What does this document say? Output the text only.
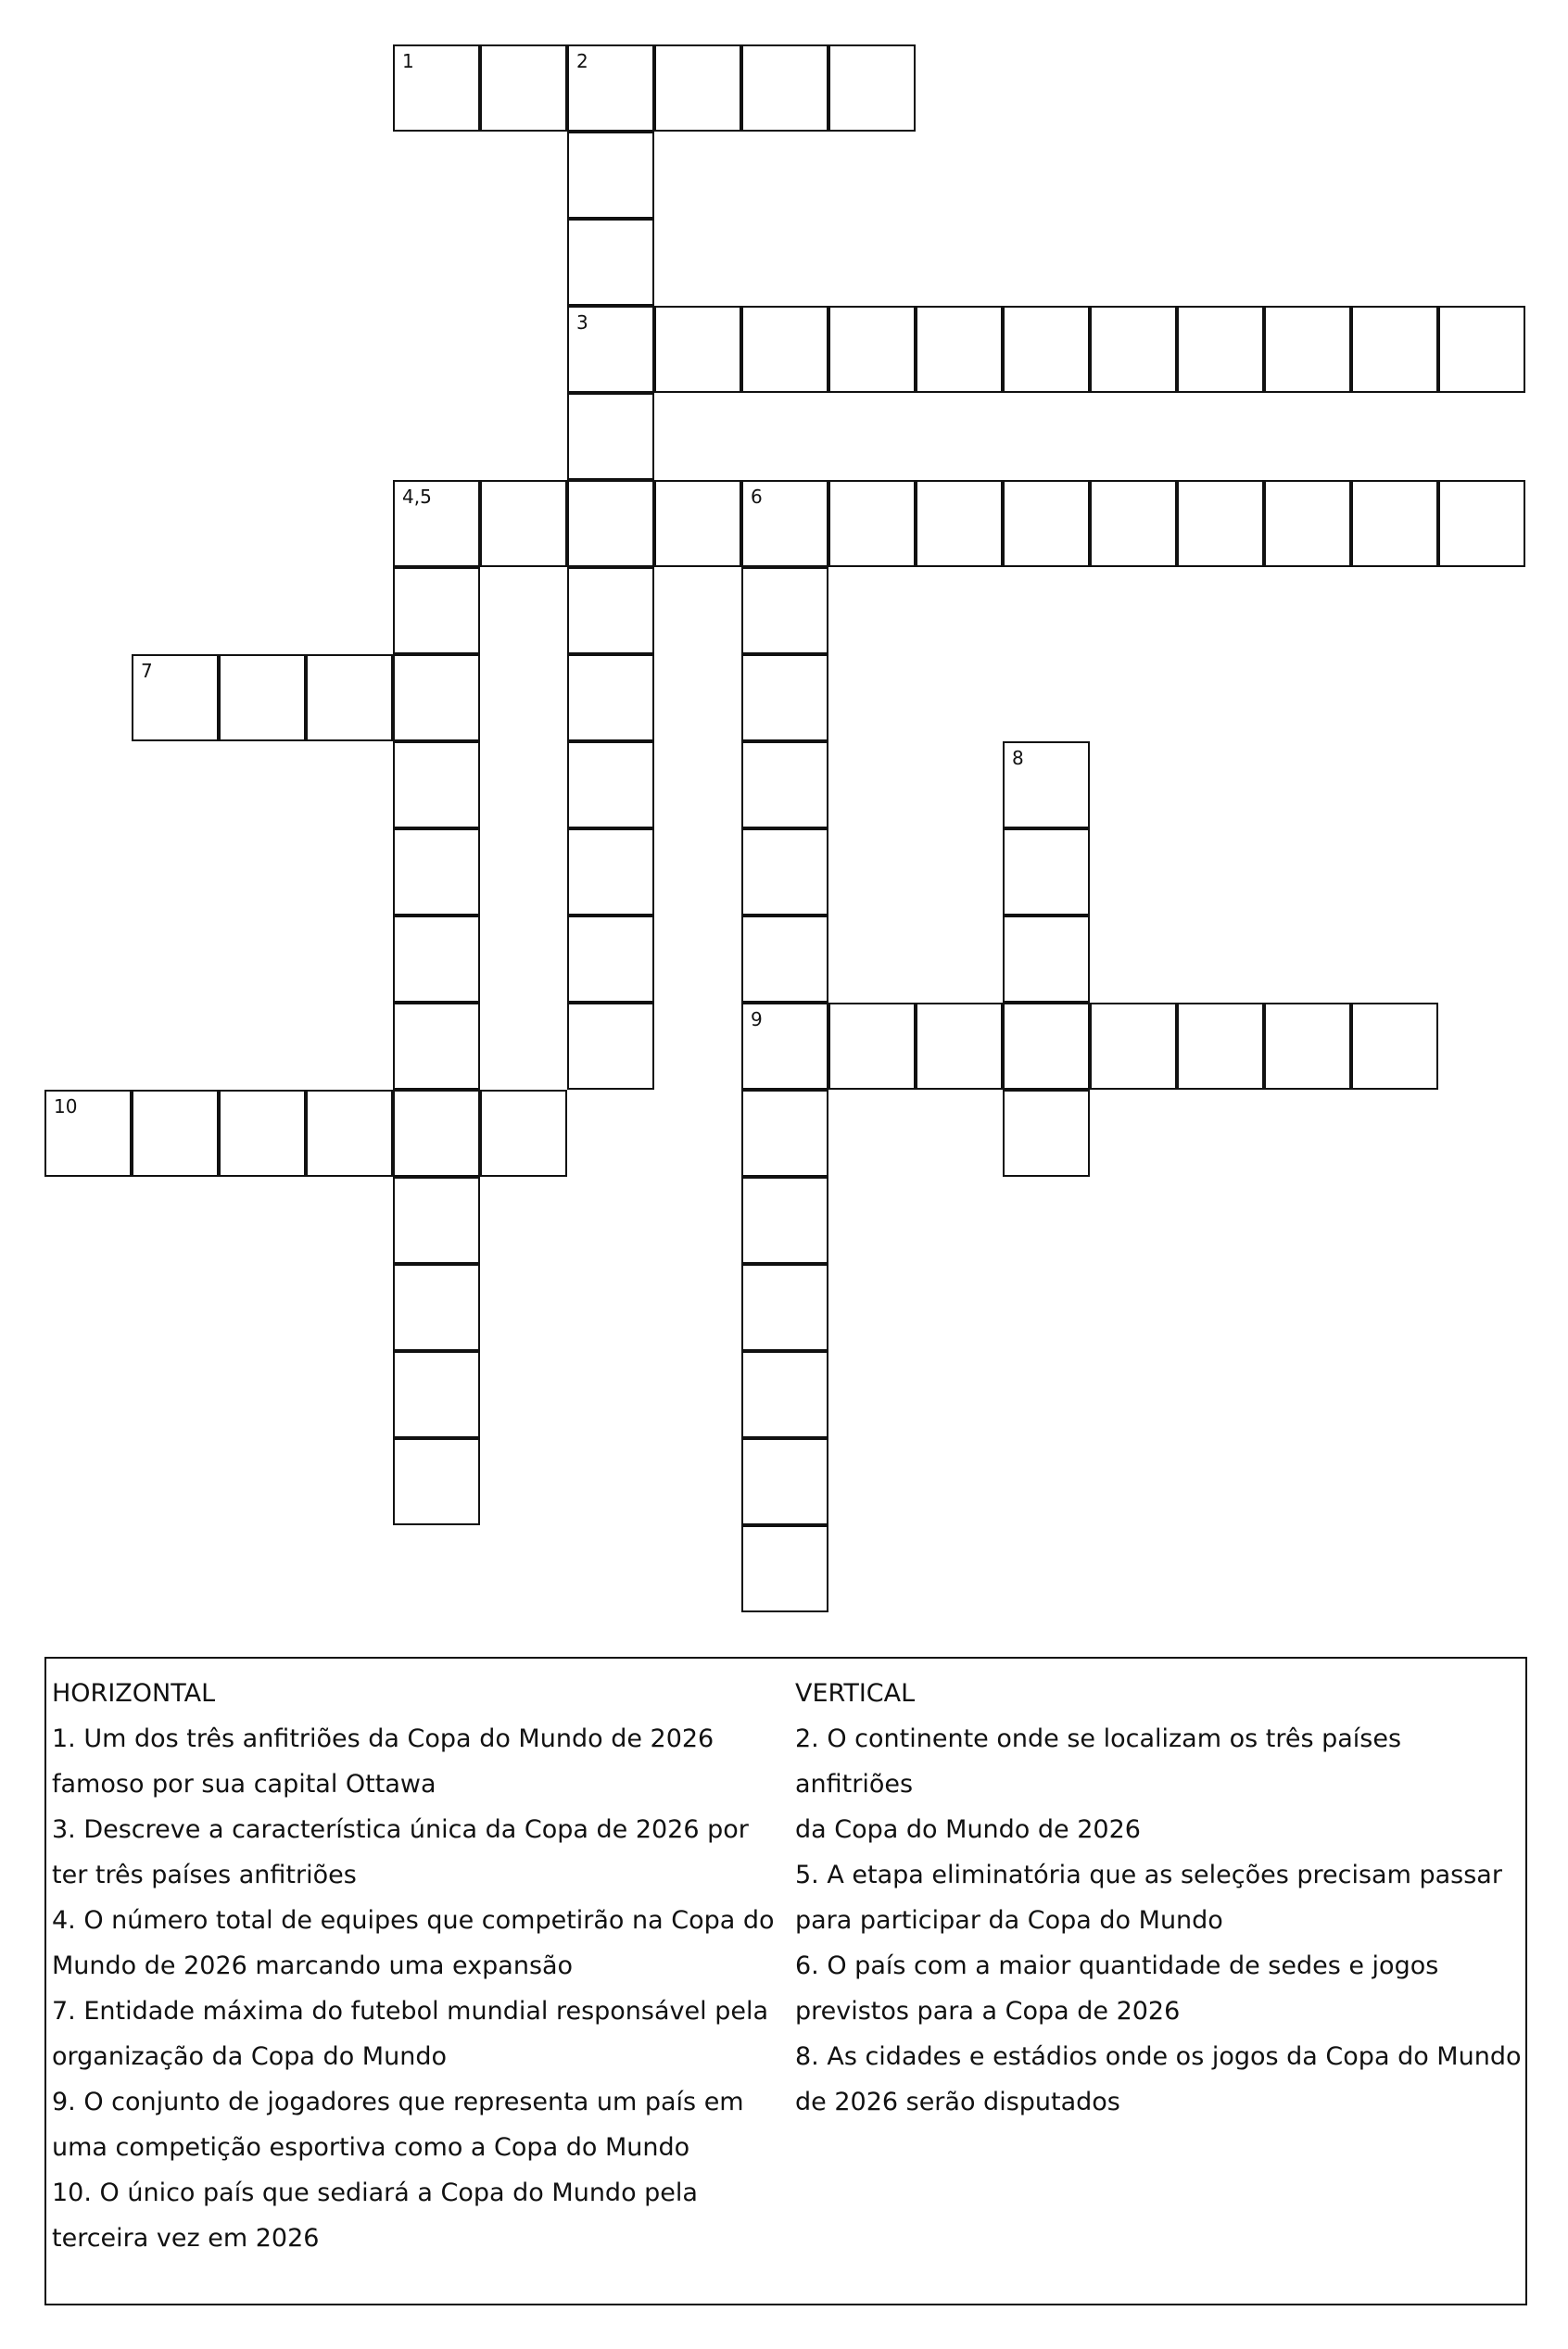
1	2
3
4,5	6
7
8
9
10

HORIZONTAL

1. Um dos três anfitriões da Copa do Mundo de 2026

famoso por sua capital Ottawa

3. Descreve a característica única da Copa de 2026 por

ter três países anfitriões

4. O número total de equipes que competirão na Copa do

Mundo de 2026 marcando uma expansão

7. Entidade máxima do futebol mundial responsável pela

organização da Copa do Mundo

9. O conjunto de jogadores que representa um país em

uma competição esportiva como a Copa do Mundo

10. O único país que sediará a Copa do Mundo pela

terceira vez em 2026

VERTICAL

2. O continente onde se localizam os três países anfitriões

da Copa do Mundo de 2026

5. A etapa eliminatória que as seleções precisam passar

para participar da Copa do Mundo

6. O país com a maior quantidade de sedes e jogos

previstos para a Copa de 2026

8. As cidades e estádios onde os jogos da Copa do Mundo

de 2026 serão disputados
